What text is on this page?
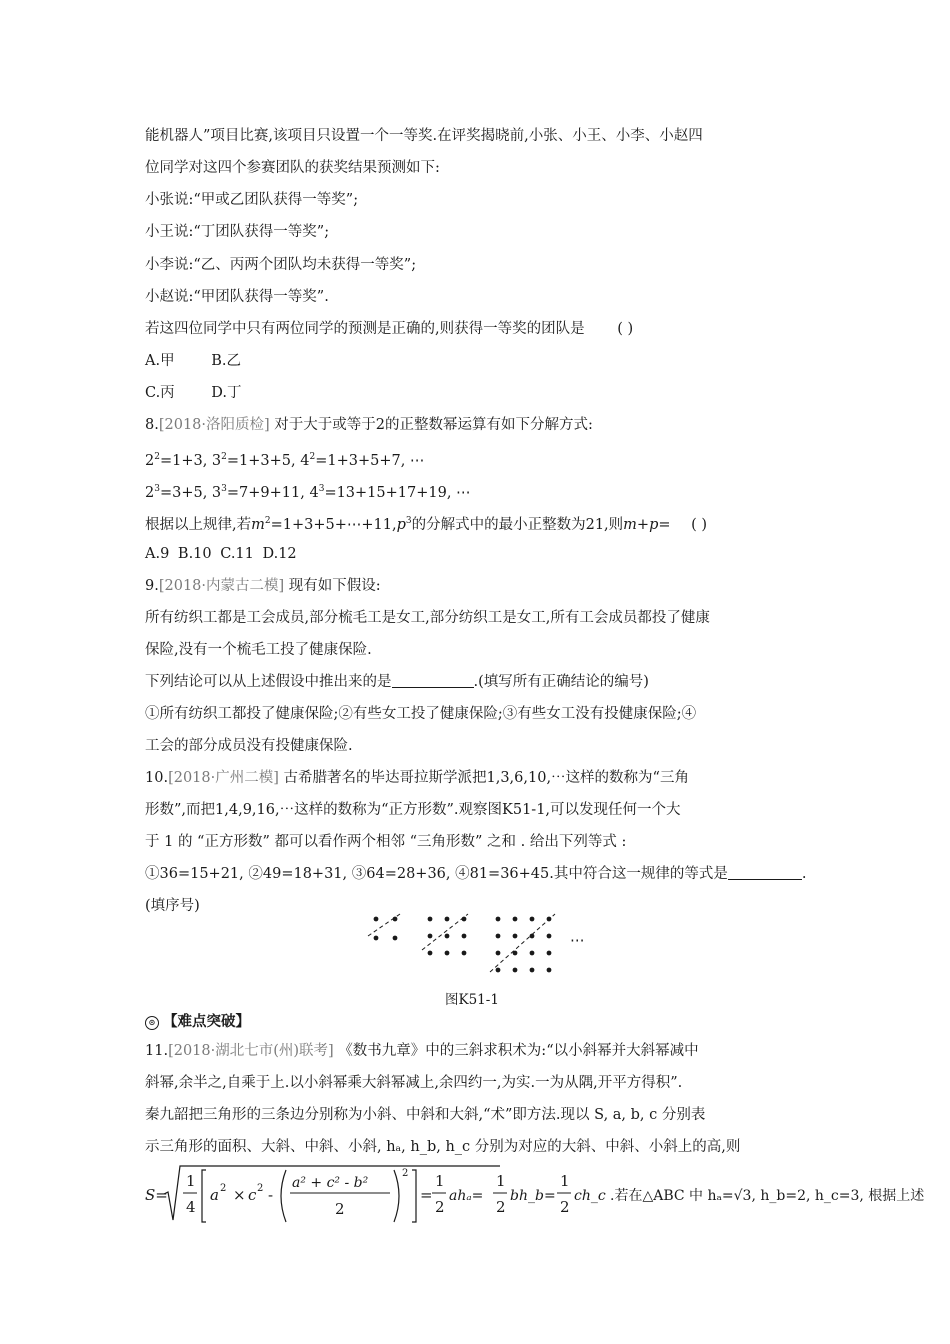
能机器人”项目比赛,该项目只设置一个一等奖.在评奖揭晓前,小张、小王、小李、小赵四
位同学对这四个参赛团队的获奖结果预测如下:
小张说:“甲或乙团队获得一等奖”;
小王说:“丁团队获得一等奖”;
小李说:“乙、丙两个团队均未获得一等奖”;
小赵说:“甲团队获得一等奖”.
若这四位同学中只有两位同学的预测是正确的,则获得一等奖的团队是 ( )
A.甲	B.乙
C.丙	D.丁
8.[2018·洛阳质检] 对于大于或等于2的正整数幂运算有如下分解方式:
$2^2=1+3$, $3^2=1+3+5$, $4^2=1+3+5+7$, ⋯
$2^3=3+5$, $3^3=7+9+11$, $4^3=13+15+17+19$, ⋯
根据以上规律,若$m^2=1+3+5+\cdots+11,p^3$的分解式中的最小正整数为21,则m+p= ( )
A.9 B.10 C.11 D.12
9.[2018·内蒙古二模] 现有如下假设:
所有纺织工都是工会成员,部分梳毛工是女工,部分纺织工是女工,所有工会成员都投了健康
保险,没有一个梳毛工投了健康保险.
下列结论可以从上述假设中推出来的是	.(填写所有正确结论的编号)
①所有纺织工都投了健康保险;②有些女工投了健康保险;③有些女工没有投健康保险;④
工会的部分成员没有投健康保险.
10.[2018·广州二模] 古希腊著名的毕达哥拉斯学派把1,3,6,10,⋯这样的数称为“三角
形数”,而把1,4,9,16,⋯这样的数称为“正方形数”.观察图K51-1,可以发现任何一个大
于 1 的 “正方形数” 都可以看作两个相邻 “三角形数” 之和 . 给出下列等式 :
①36=15+21, ②49=18+31, ③64=28+36, ④81=36+45.其中符合这一规律的等式是	.
(填序号)
⋯
图K51-1
⊙ 【难点突破】
11.[2018·湖北七市(州)联考] 《数书九章》中的三斜求积术为:“以小斜幂并大斜幂减中
斜幂,余半之,自乘于上.以小斜幂乘大斜幂减上,余四约一,为实.一为从隅,开平方得积”.
秦九韶把三角形的三条边分别称为小斜、中斜和大斜,“术”即方法.现以 S, a, b, c 分别表
示三角形的面积、大斜、中斜、小斜, hₐ, h_b, h_c 分别为对应的大斜、中斜、小斜上的高,则
S=
1
4
a 2 × c 2 -
a² + c² - b²
2
2
=
1
2
ahₐ=
1
2
bh_b=
1
2
ch_c .若在△ABC 中 hₐ=√3, h_b=2, h_c=3, 根据上述
